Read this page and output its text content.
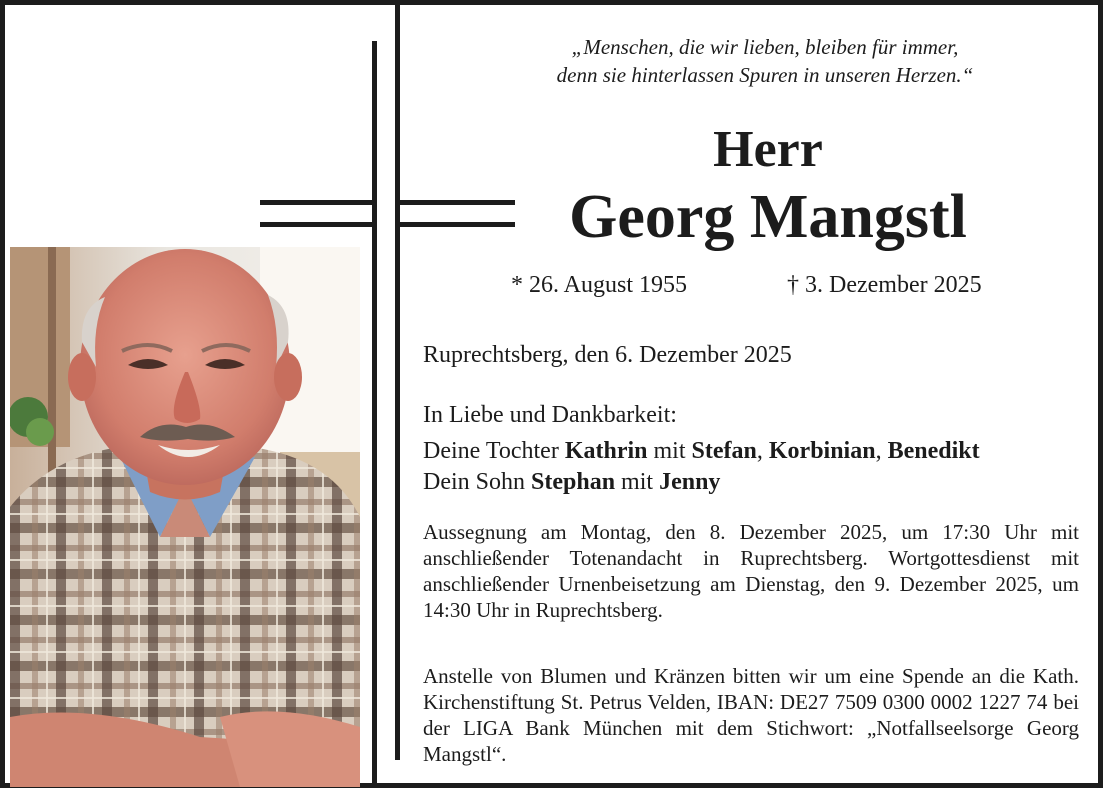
„Menschen, die wir lieben, bleiben für immer,
denn sie hinterlassen Spuren in unseren Herzen.“
Herr
Georg Mangstl
* 26. August 1955	† 3. Dezember 2025
Ruprechtsberg, den 6. Dezember 2025
In Liebe und Dankbarkeit:
Deine Tochter Kathrin mit Stefan, Korbinian, Benedikt
Dein Sohn Stephan mit Jenny
Aussegnung am Montag, den 8. Dezember 2025, um 17:30 Uhr mit anschließender Totenandacht in Ruprechtsberg. Wortgottesdienst mit anschließender Urnenbeisetzung am Dienstag, den 9. Dezember 2025, um 14:30 Uhr in Ruprechtsberg.
Anstelle von Blumen und Kränzen bitten wir um eine Spende an die Kath. Kirchenstiftung St. Petrus Velden, IBAN: DE27 7509 0300 0002 1227 74 bei der LIGA Bank München mit dem Stichwort: „Notfallseelsorge Georg Mangstl“.
